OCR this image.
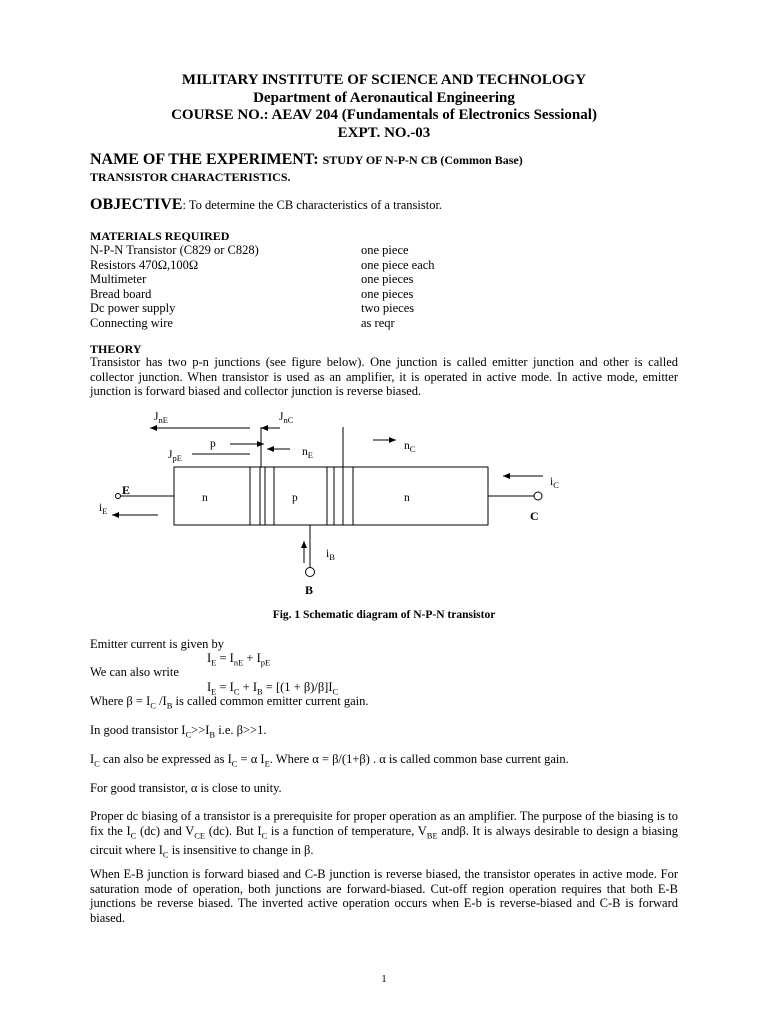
MILITARY INSTITUTE OF SCIENCE AND TECHNOLOGY
Department of Aeronautical Engineering
COURSE NO.: AEAV 204 (Fundamentals of Electronics Sessional)
EXPT. NO.-03
NAME OF THE EXPERIMENT: STUDY OF N-P-N CB (Common Base)
TRANSISTOR CHARACTERISTICS.
OBJECTIVE: To determine the CB characteristics of a transistor.
MATERIALS REQUIRED
N-P-N Transistor (C829 or C828)	one piece
Resistors 470Ω,100Ω	one piece each
Multimeter	one pieces
Bread board	one pieces
Dc power supply	two pieces
Connecting wire	as reqr
THEORY
Transistor has two p-n junctions (see figure below). One junction is called emitter junction and other is called collector junction. When transistor is used as an amplifier, it is operated in active mode. In active mode, emitter junction is forward biased and collector junction is reverse biased.
n	p	n
$J_{nE}$	$J_{nC}$
p
$J_{pE}$	$n_E$
$n_C$
E
$i_E$	C
$i_C$
B
$i_B$
Fig. 1 Schematic diagram of N-P-N transistor
Emitter current is given by
$I_E = I_{nE} + I_{pE}$
We can also write
$I_E = I_C + I_B = [(1 + \beta)/\beta]I_C$
Where $\beta = I_C$ $/I_B$ is called common emitter current gain.
In good transistor $I_C>>I_B$ i.e. β>>1.
$I_C$ can also be expressed as $I_C = \alpha$ $I_E$. Where α = β/(1+β) . α is called common base current gain.
For good transistor, α is close to unity.
Proper dc biasing of a transistor is a prerequisite for proper operation as an amplifier. The purpose of the biasing is to fix the $I_C$ (dc) and $V_{CE}$ (dc). But $I_C$ is a function of temperature, $V_{BE}$ andβ. It is always desirable to design a biasing circuit where $I_C$ is insensitive to change in β.
When E-B junction is forward biased and C-B junction is reverse biased, the transistor operates in active mode. For saturation mode of operation, both junctions are forward-biased. Cut-off region operation requires that both E-B junctions be reverse biased. The inverted active operation occurs when E-b is reverse-biased and C-B is forward biased.
1
